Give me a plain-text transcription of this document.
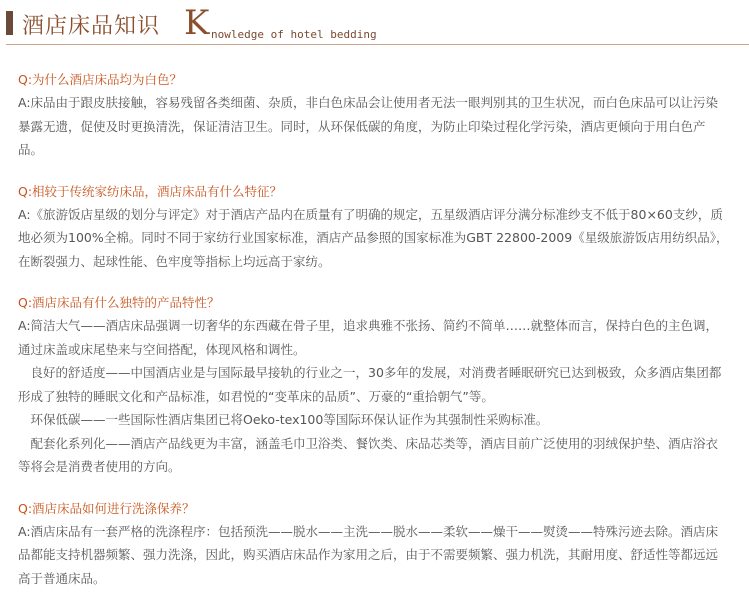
酒店床品知识 K nowledge of hotel bedding

Q:为什么酒店床品均为白色？

A:床品由于跟皮肤接触，容易残留各类细菌、杂质，非白色床品会让使用者无法一眼判别其的卫生状况，而白色床品可以让污染暴露无遗，促使及时更换清洗，保证清洁卫生。同时，从环保低碳的角度，为防止印染过程化学污染，酒店更倾向于用白色产品。

Q:相较于传统家纺床品，酒店床品有什么特征？

A:《旅游饭店星级的划分与评定》对于酒店产品内在质量有了明确的规定，五星级酒店评分满分标准纱支不低于80×60支纱，质地必须为100%全棉。同时不同于家纺行业国家标准，酒店产品参照的国家标准为GBT 22800-2009《星级旅游饭店用纺织品》，在断裂强力、起球性能、色牢度等指标上均远高于家纺。

Q:酒店床品有什么独特的产品特性？

A:简洁大气——酒店床品强调一切奢华的东西藏在骨子里，追求典雅不张扬、简约不简单……就整体而言，保持白色的主色调，通过床盖或床尾垫来与空间搭配，体现风格和调性。

良好的舒适度——中国酒店业是与国际最早接轨的行业之一，30多年的发展，对消费者睡眠研究已达到极致，众多酒店集团都形成了独特的睡眠文化和产品标准，如君悦的“变革床的品质”、万豪的“重拾朝气”等。

环保低碳——一些国际性酒店集团已将Oeko-tex100等国际环保认证作为其强制性采购标准。

配套化系列化——酒店产品线更为丰富，涵盖毛巾卫浴类、餐饮类、床品芯类等，酒店目前广泛使用的羽绒保护垫、酒店浴衣等将会是消费者使用的方向。

Q:酒店床品如何进行洗涤保养？

A:酒店床品有一套严格的洗涤程序：包括预洗——脱水——主洗——脱水——柔软——燥干——熨烫——特殊污迹去除。酒店床品都能支持机器频繁、强力洗涤，因此，购买酒店床品作为家用之后，由于不需要频繁、强力机洗，其耐用度、舒适性等都远远高于普通床品。
